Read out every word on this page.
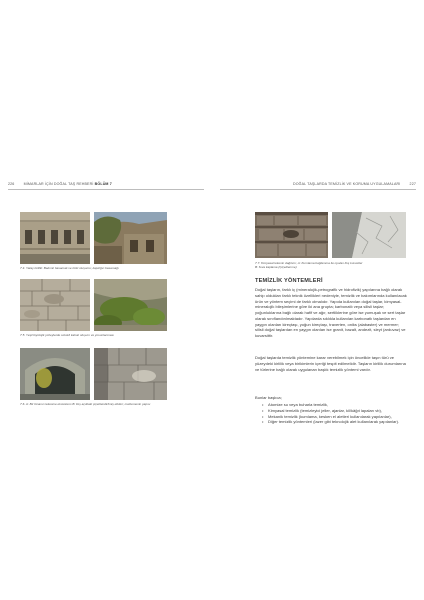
226	MİMARLAR İÇİN DOĞAL TAŞ REHBERİ BÖLÜM 7	DOĞAL TAŞLARDA TEMİZLİK VE KORUMA UYGULAMALARI	227
7.4. Yatay kirlilik: Bakımlı basamak ve kötü oluşumu; kapılığın basamağı
7.5. Yeşil biyolojik yüzeylerde sürekli kabuk oluşum ve yosunlanması
7.6. A: Bir binanın lekesine ekosistem B: Dış açıktaki çiçeklendirilmiş etkiler; malzemenin yapısı
7.7. Kimyasal lekenin dağılımı; A: Kumlama bağlamına ile oyulan Dış kuvvetler
B: Sıva kaplama (Çiçeklenme)
TEMİZLİK YÖNTEMLERİ

Doğal taşların, farklı iç (mineralojik-petrografik ve hidrofizik) yapılarına bağlı olarak sahip oldukları farklı teknik özellikleri nedeniyle, temizlik ve bakımlarında kullanılacak ürün ve yöntem seçimi de farklı olmalıdır. Yapıda kullanılan doğal taşlar, kimyasal-mineralojik bileşimlerine göre iki ana grupta; karbonatlı veya silisli taşlar; yoğunluklarına bağlı olarak hafif ve ağır, sertliklerine göre ise yumuşak ve sert taşlar olarak sınıflandırılmaktadır. Yapılarda sıklıkla kullanılan karbonatlı taşlardan en yaygın olanları kireçtaşı, yoğun kireçtaşı, traverten, oniks (alabaster) ve mermer; silisli doğal taşlardan en yaygın olanları ise granit, bazalt, andezit, sleyt (arduvaz) ve kuvarsittir.

Doğal taşlarda temizlik yöntemine karar verebilmek için öncelikle taşın türü ve yüzeydeki kirlilik veya birikimlerin içeriği tespit edilmelidir. Taşların kirlilik durumlarına ve türlerine bağlı olarak uygulanan başlık temizlik yöntemi vardır.

Bunlar başlıca;

• Atomize su veya buharla temizlik,
• Kimyasal temizlik (temizleyici jeller, ajanlar, kil/kâğıt lapaları vb),
• Mekanik temizlik (kumlama, kesken el aletleri kullanılarak yapılanlar),
• Diğer temizlik yöntemleri (lazer gibi teknolojik alet kullanılarak yapılanlar).
